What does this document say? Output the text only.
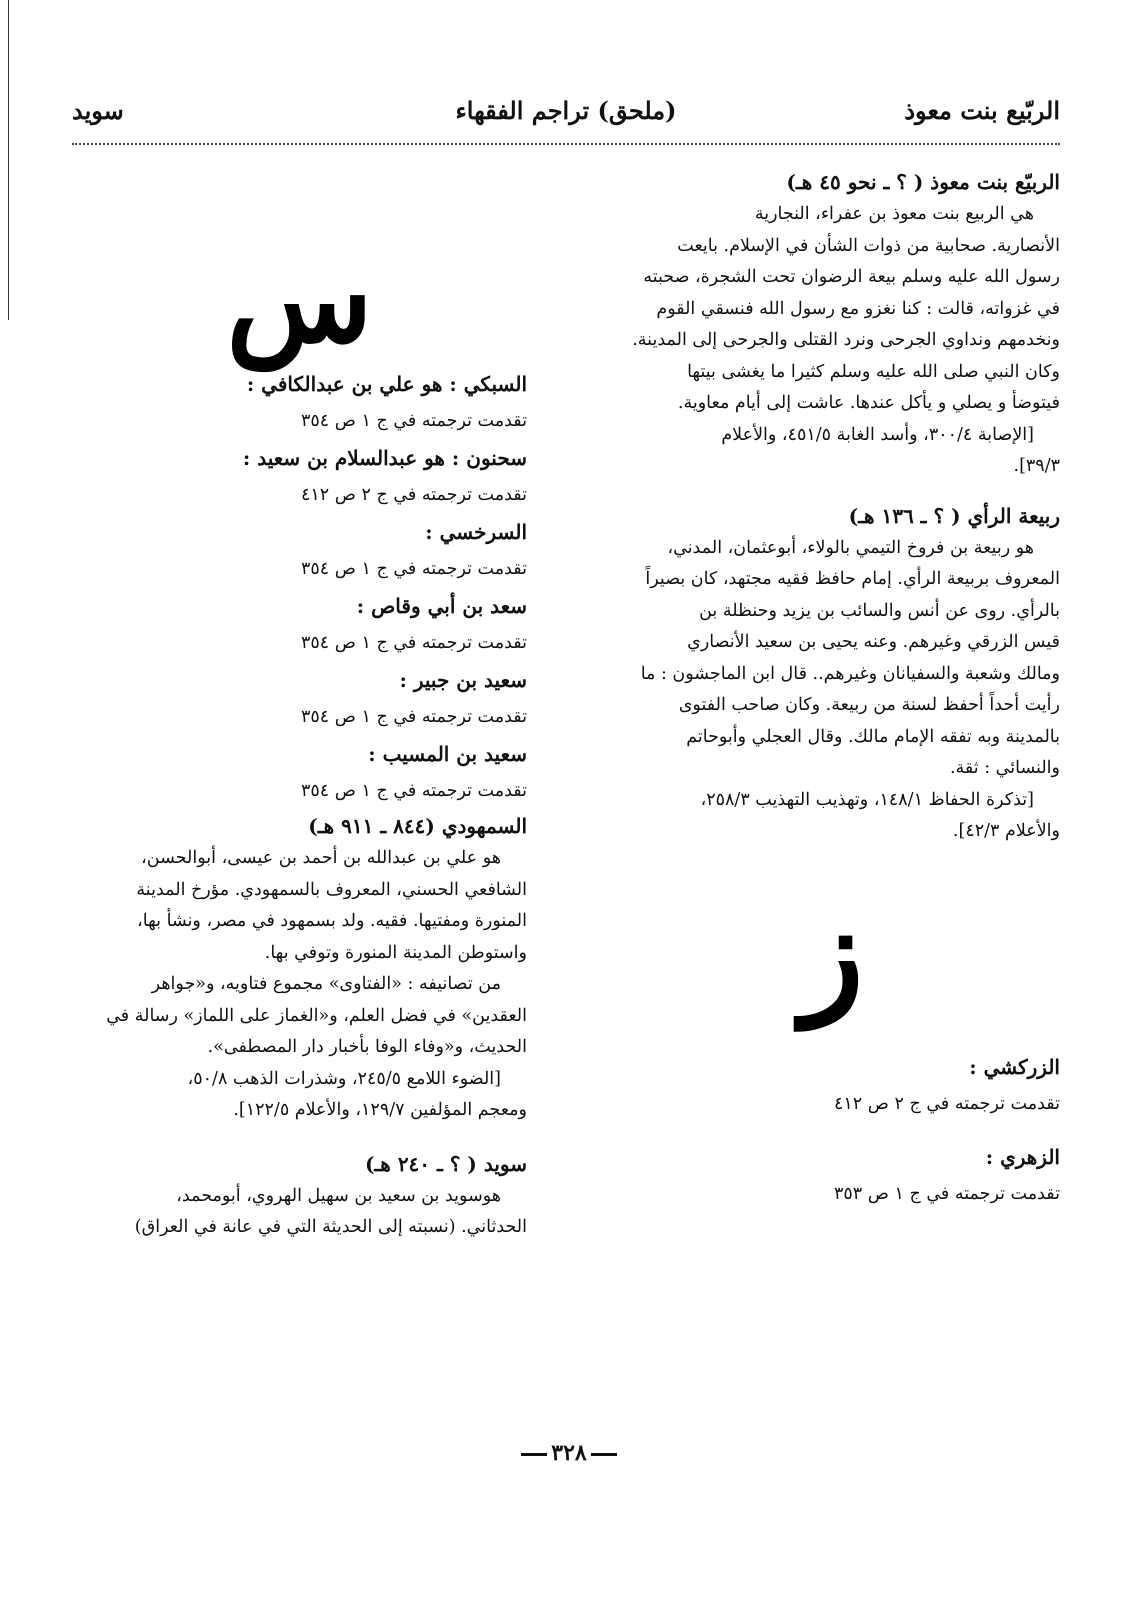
الربّيع بنت معوذ
(ملحق) تراجم الفقهاء
سويد

الربيّع بنت معوذ ( ؟ ـ نحو ٤٥ هـ)

هي الربيع بنت معوذ بن عفراء، النجارية

الأنصارية. صحابية من ذوات الشأن في الإسلام. بايعت

رسول الله عليه وسلم بيعة الرضوان تحت الشجرة، صحبته

في غزواته، قالت : كنا نغزو مع رسول الله فنسقي القوم

ونخدمهم ونداوي الجرحى ونرد القتلى والجرحى إلى المدينة.

وكان النبي صلى الله عليه وسلم كثيرا ما يغشى بيتها

فيتوضأ و يصلي و يأكل عندها. عاشت إلى أيام معاوية.

[الإصابة ٣٠٠/٤، وأسد الغابة ٤٥١/٥، والأعلام

٣٩/٣].

ربيعة الرأي ( ؟ ـ ١٣٦ هـ)

هو ربيعة بن فروخ التيمي بالولاء، أبوعثمان، المدني،

المعروف بربيعة الرأي. إمام حافظ فقيه مجتهد، كان بصيراً

بالرأي. روى عن أنس والسائب بن يزيد وحنظلة بن

قيس الزرقي وغيرهم. وعنه يحيى بن سعيد الأنصاري

ومالك وشعبة والسفيانان وغيرهم.. قال ابن الماجشون : ما

رأيت أحداً أحفظ لسنة من ربيعة. وكان صاحب الفتوى

بالمدينة وبه تفقه الإمام مالك. وقال العجلي وأبوحاتم

والنسائي : ثقة.

[تذكرة الحفاظ ١٤٨/١، وتهذيب التهذيب ٢٥٨/٣،

والأعلام ٤٢/٣].

ز

الزركشي :

تقدمت ترجمته في ج ٢ ص ٤١٢

الزهري :

تقدمت ترجمته في ج ١ ص ٣٥٣

س

السبكي : هو علي بن عبدالكافي :

تقدمت ترجمته في ج ١ ص ٣٥٤

سحنون : هو عبدالسلام بن سعيد :

تقدمت ترجمته في ج ٢ ص ٤١٢

السرخسي :

تقدمت ترجمته في ج ١ ص ٣٥٤

سعد بن أبي وقاص :

تقدمت ترجمته في ج ١ ص ٣٥٤

سعيد بن جبير :

تقدمت ترجمته في ج ١ ص ٣٥٤

سعيد بن المسيب :

تقدمت ترجمته في ج ١ ص ٣٥٤

السمهودي (٨٤٤ ـ ٩١١ هـ)

هو علي بن عبدالله بن أحمد بن عيسى، أبوالحسن،

الشافعي الحسني، المعروف بالسمهودي. مؤرخ المدينة

المنورة ومفتيها. فقيه. ولد بسمهود في مصر، ونشأ بها،

واستوطن المدينة المنورة وتوفي بها.

من تصانيفه : «الفتاوى» مجموع فتاويه، و«جواهر

العقدين» في فضل العلم، و«الغماز على اللماز» رسالة في

الحديث، و«وفاء الوفا بأخبار دار المصطفى».

[الضوء اللامع ٢٤٥/٥، وشذرات الذهب ٥٠/٨،

ومعجم المؤلفين ١٢٩/٧، والأعلام ١٢٢/٥].

سويد ( ؟ ـ ٢٤٠ هـ)

هوسويد بن سعيد بن سهيل الهروي، أبومحمد،

الحدثاني. (نسبته إلى الحديثة التي في عانة في العراق)

٣٢٨
